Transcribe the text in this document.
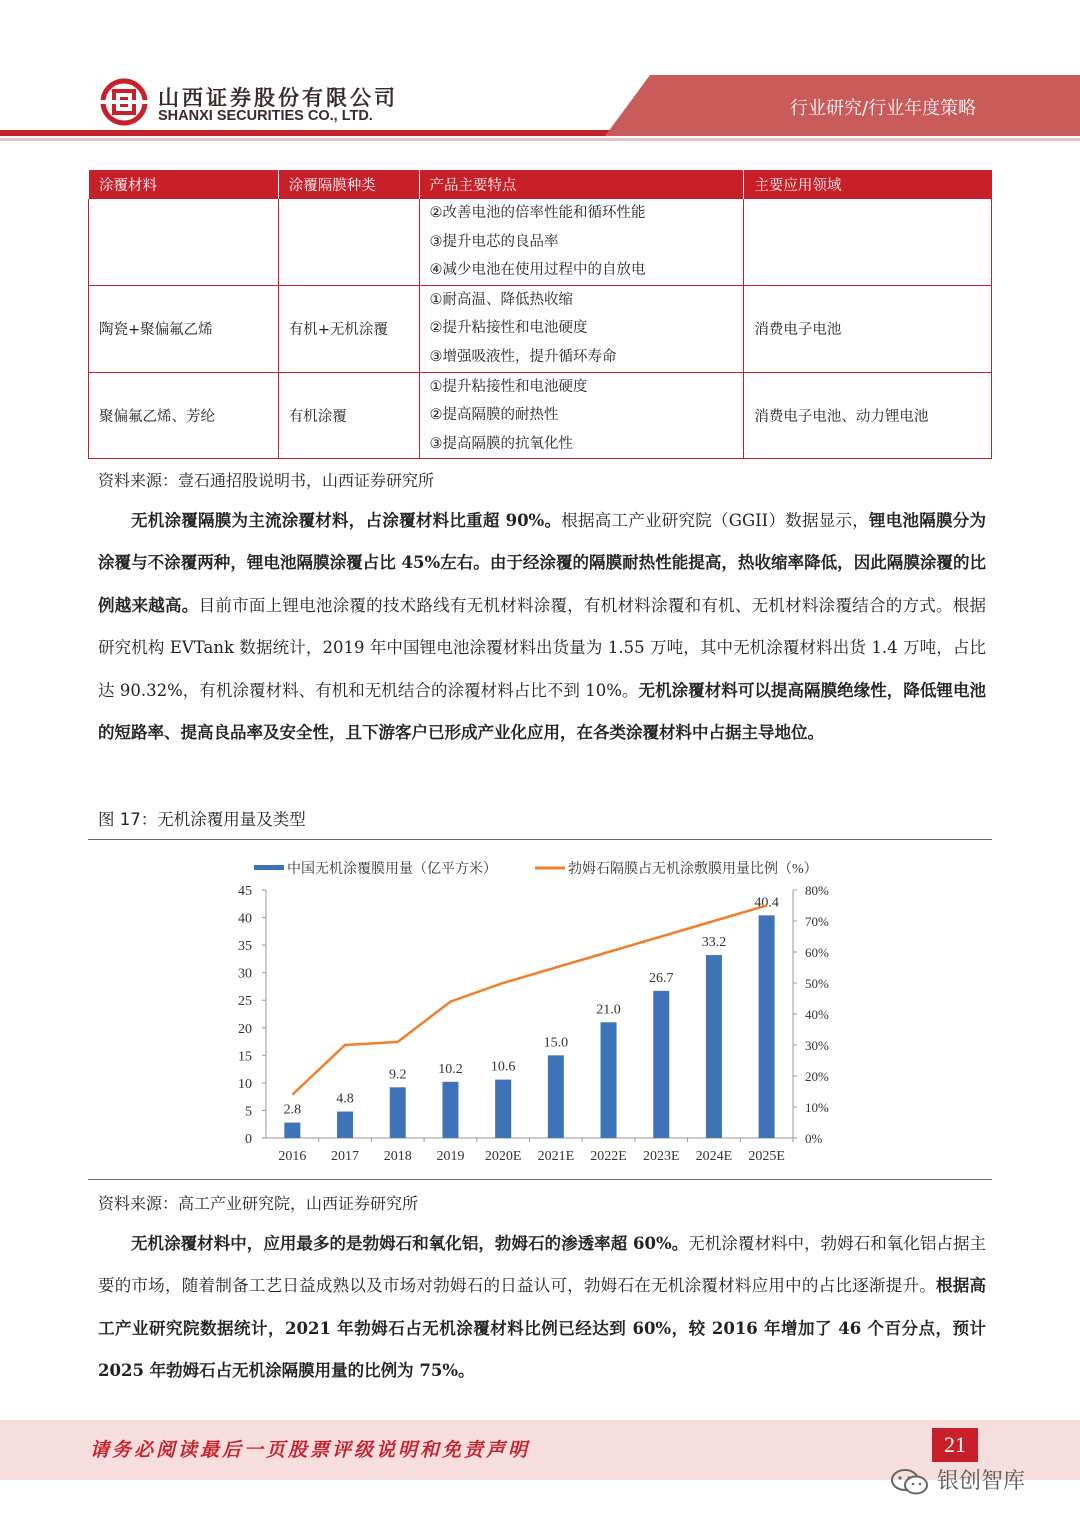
山西证券股份有限公司
SHANXI SECURITIES CO., LTD.	行业研究/行业年度策略
涂覆材料	涂覆隔膜种类	产品主要特点	主要应用领域

		②改善电池的倍率性能和循环性能
③提升电芯的良品率
④减少电池在使用过程中的自放电	

陶瓷+聚偏氟乙烯	有机+无机涂覆	①耐高温、降低热收缩
②提升粘接性和电池硬度
③增强吸液性，提升循环寿命	消费电子电池
聚偏氟乙烯、芳纶	有机涂覆	①提升粘接性和电池硬度
②提高隔膜的耐热性
③提高隔膜的抗氧化性	消费电子电池、动力锂电池
资料来源：壹石通招股说明书，山西证券研究所

无机涂覆隔膜为主流涂覆材料，占涂覆材料比重超 90%。根据高工产业研究院（GGII）数据显示，锂电池隔膜分为涂覆与不涂覆两种，锂电池隔膜涂覆占比 45%左右。由于经涂覆的隔膜耐热性能提高，热收缩率降低，因此隔膜涂覆的比例越来越高。目前市面上锂电池涂覆的技术路线有无机材料涂覆，有机材料涂覆和有机、无机材料涂覆结合的方式。根据研究机构 EVTank 数据统计，2019 年中国锂电池涂覆材料出货量为 1.55 万吨，其中无机涂覆材料出货 1.4 万吨，占比达 90.32%，有机涂覆材料、有机和无机结合的涂覆材料占比不到 10%。无机涂覆材料可以提高隔膜绝缘性，降低锂电池的短路率、提高良品率及安全性，且下游客户已形成产业化应用，在各类涂覆材料中占据主导地位。

图 17：无机涂覆用量及类型
中国无机涂覆膜用量（亿平方米）	勃姆石隔膜占无机涂敷膜用量比例（%）
0
5
10
15
20
25
30
35
40
45
0%
10%
20%
30%
40%
50%
60%
70%
80%
2.8
4.8
9.2 10.2 10.6
15.0
21.0
26.7
33.2
40.4
2016 2017 2018 2019 2020E 2021E 2022E 2023E 2024E 2025E
资料来源：高工产业研究院，山西证券研究所

无机涂覆材料中，应用最多的是勃姆石和氧化铝，勃姆石的渗透率超 60%。无机涂覆材料中，勃姆石和氧化铝占据主要的市场，随着制备工艺日益成熟以及市场对勃姆石的日益认可，勃姆石在无机涂覆材料应用中的占比逐渐提升。根据高工产业研究院数据统计，2021 年勃姆石占无机涂覆材料比例已经达到 60%，较 2016 年增加了 46 个百分点，预计 2025 年勃姆石占无机涂隔膜用量的比例为 75%。

请务必阅读最后一页股票评级说明和免责声明	21
银创智库
